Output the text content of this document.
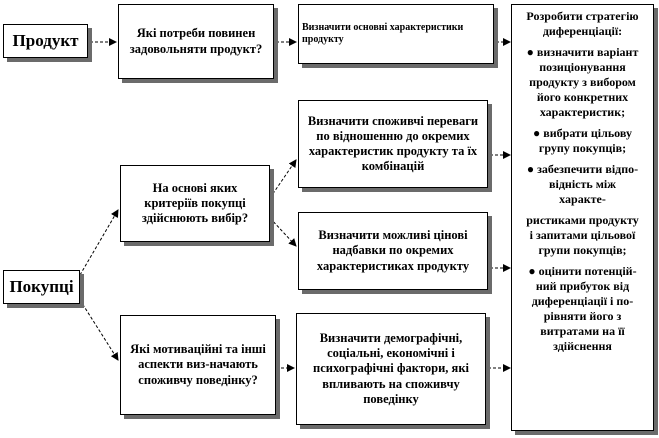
Продукт
Покупці
Які потреби повинен задовольняти продукт?
На основі яких критеріїв покупці здійснюють вибір?
Які мотиваційні та інші аспекти виз-начають споживчу поведінку?
Визначити основні характеристики продукту
Визначити споживчі переваги по відношенню до окремих характеристик продукту та їх комбінацій
Визначити можливі цінові надбавки по окремих характеристиках продукту
Визначити демографічні, соціальні, економічні і психографічні фактори, які впливають на споживчу поведінку
Розробити стратегію
диференціації:
● визначити варіант
позиціонування
продукту з вибором
його конкретних
характеристик;
● вибрати цільову
групу покупців;
● забезпечити відпо-
відність між
характе-
ристиками продукту
і запитами цільової
групи покупців;
● оцінити потенцій-
ний прибуток від
диференціації і по-
рівняти його з
витратами на її
здійснення
